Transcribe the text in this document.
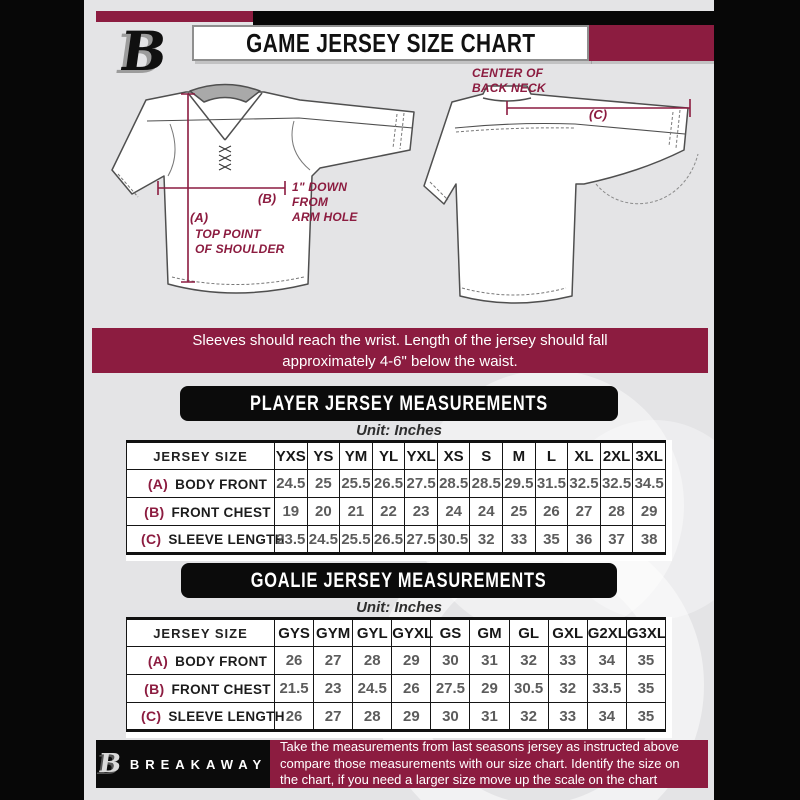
B	GAME JERSEY SIZE CHART
CENTER OF
BACK NECK
(C)
(B)
1" DOWN
FROM
ARM HOLE
(A)
TOP POINT
OF SHOULDER
Sleeves should reach the wrist. Length of the jersey should fall
approximately 4-6" below the waist.
PLAYER JERSEY MEASUREMENTS
Unit: Inches
JERSEY SIZE	YXS	YS	YM	YL	YXL	XS	S	M	L	XL	2XL	3XL
(A) BODY FRONT	24.5	25	25.5	26.5	27.5	28.5	28.5	29.5	31.5	32.5	32.5	34.5
(B) FRONT CHEST	19	20	21	22	23	24	24	25	26	27	28	29
(C) SLEEVE LENGTH	23.5	24.5	25.5	26.5	27.5	30.5	32	33	35	36	37	38
GOALIE JERSEY MEASUREMENTS
Unit: Inches
JERSEY SIZE	GYS	GYM	GYL	GYXL	GS	GM	GL	GXL	G2XL	G3XL
(A) BODY FRONT	26	27	28	29	30	31	32	33	34	35
(B) FRONT CHEST	21.5	23	24.5	26	27.5	29	30.5	32	33.5	35
(C) SLEEVE LENGTH	26	27	28	29	30	31	32	33	34	35
B BREAKAWAY
Take the measurements from last seasons jersey as instructed above compare those measurements with our size chart. Identify the size on the chart, if you need a larger size move up the scale on the chart
